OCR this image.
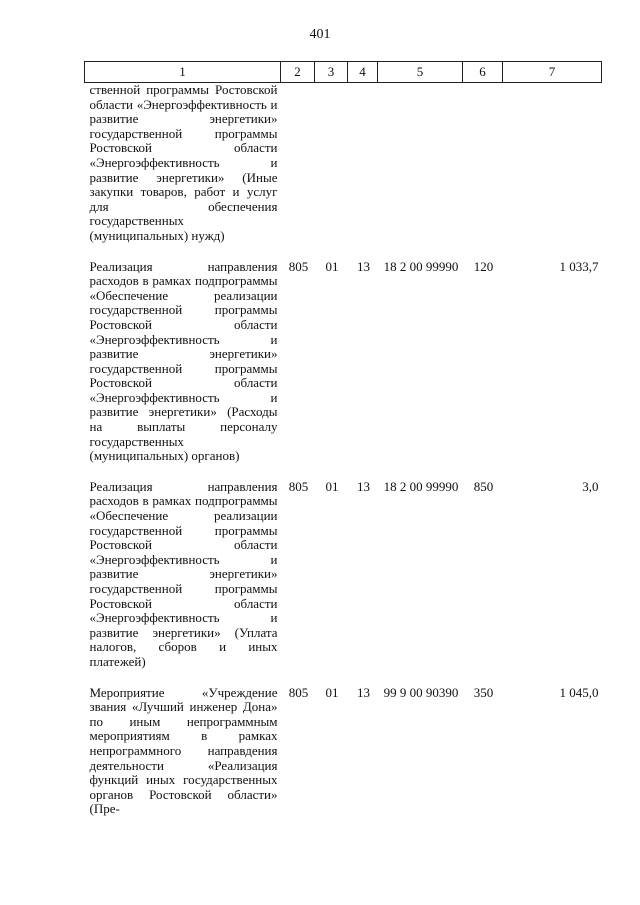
401
1	2	3	4	5	6	7
ственной программы Ростовской области «Энергоэффективность и развитие энергетики» государственной программы Ростовской области «Энергоэффективность и развитие энергетики» (Иные закупки товаров, работ и услуг для обеспечения государственных (муниципальных) нужд)						
Реализация направления расходов в рамках подпрограммы «Обеспечение реализации государственной программы Ростовской области «Энергоэффективность и развитие энергетики» государственной программы Ростовской области «Энергоэффективность и развитие энергетики» (Расходы на выплаты персоналу государственных (муниципальных) органов)	805	01	13	18 2 00 99990	120	1 033,7
Реализация направления расходов в рамках подпрограммы «Обеспечение реализации государственной программы Ростовской области «Энергоэффективность и развитие энергетики» государственной программы Ростовской области «Энергоэффективность и развитие энергетики» (Уплата налогов, сборов и иных платежей)	805	01	13	18 2 00 99990	850	3,0
Мероприятие «Учреждение звания «Лучший инженер Дона» по иным непрограммным мероприятиям в рамках непрограммного направдения деятельности «Реализация функций иных государственных органов Ростовской области» (Пре-	805	01	13	99 9 00 90390	350	1 045,0
